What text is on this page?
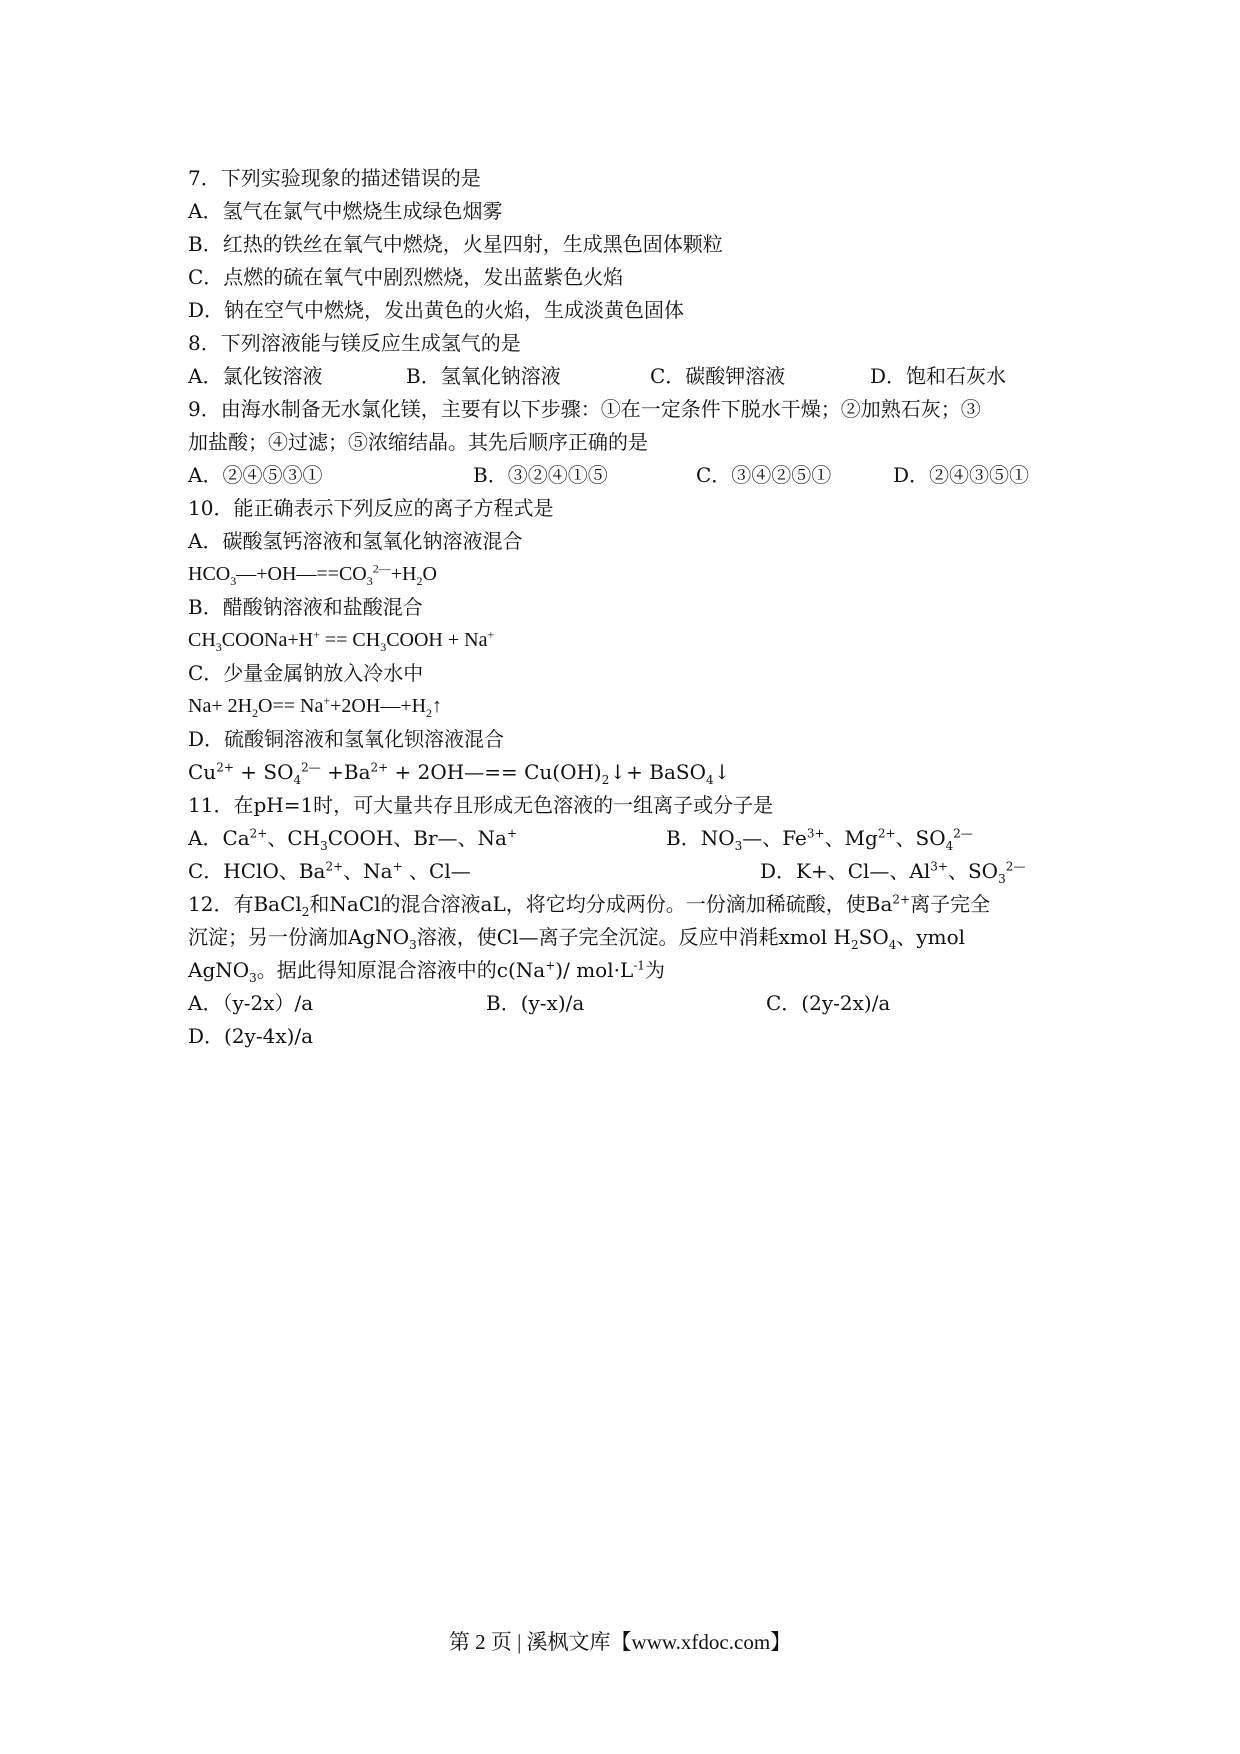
7．下列实验现象的描述错误的是
A．氢气在氯气中燃烧生成绿色烟雾
B．红热的铁丝在氧气中燃烧，火星四射，生成黑色固体颗粒
C．点燃的硫在氧气中剧烈燃烧，发出蓝紫色火焰
D．钠在空气中燃烧，发出黄色的火焰，生成淡黄色固体
8．下列溶液能与镁反应生成氢气的是
A．氯化铵溶液	B．氢氧化钠溶液	C．碳酸钾溶液	D．饱和石灰水
9．由海水制备无水氯化镁，主要有以下步骤：①在一定条件下脱水干燥；②加熟石灰；③
加盐酸；④过滤；⑤浓缩结晶。其先后顺序正确的是
A．②④⑤③①	B．③②④①⑤	C．③④②⑤①	D．②④③⑤①
10．能正确表示下列反应的离子方程式是
A．碳酸氢钙溶液和氢氧化钠溶液混合
$HCO_3—+OH—==CO_3^{2—}+H_2O$
B．醋酸钠溶液和盐酸混合
$CH_3COONa+H^+$ == $CH_3COOH + Na^+$
C．少量金属钠放入冷水中
$Na+ 2H_2O==$ $Na^++2OH—+H_2↑$
D．硫酸铜溶液和氢氧化钡溶液混合
$Cu^{2+} + SO_4^{2—} +Ba^{2+}$ + 2OH—== $Cu(OH)_2↓+$ BaSO$_4$↓
11．在pH=1时，可大量共存且形成无色溶液的一组离子或分子是
A．$Ca^{2+}$、$CH_3COOH$、Br—、Na+	B．$NO_3—$、$Fe^{3+}$、$Mg^{2+}$、$SO_4^{2—}$
C．HClO、$Ba^{2+}$、Na+ 、Cl—	D．K+、Cl—、$Al^{3+}$、$SO_3^{2—}$
12．有BaCl$_2$和NaCl的混合溶液aL，将它均分成两份。一份滴加稀硫酸，使$Ba^{2+}$离子完全
沉淀；另一份滴加AgNO$_3$溶液，使Cl—离子完全沉淀。反应中消耗xmol $H_2SO_4$、ymol
AgNO$_3$。据此得知原混合溶液中的c(Na+)/ $mol\cdot L^{-1}$为
A．（y-2x）/a	B．(y-x)/a	C．(2y-2x)/a
D．(2y-4x)/a
第 2 页 | 溪枫文库【www.xfdoc.com】
